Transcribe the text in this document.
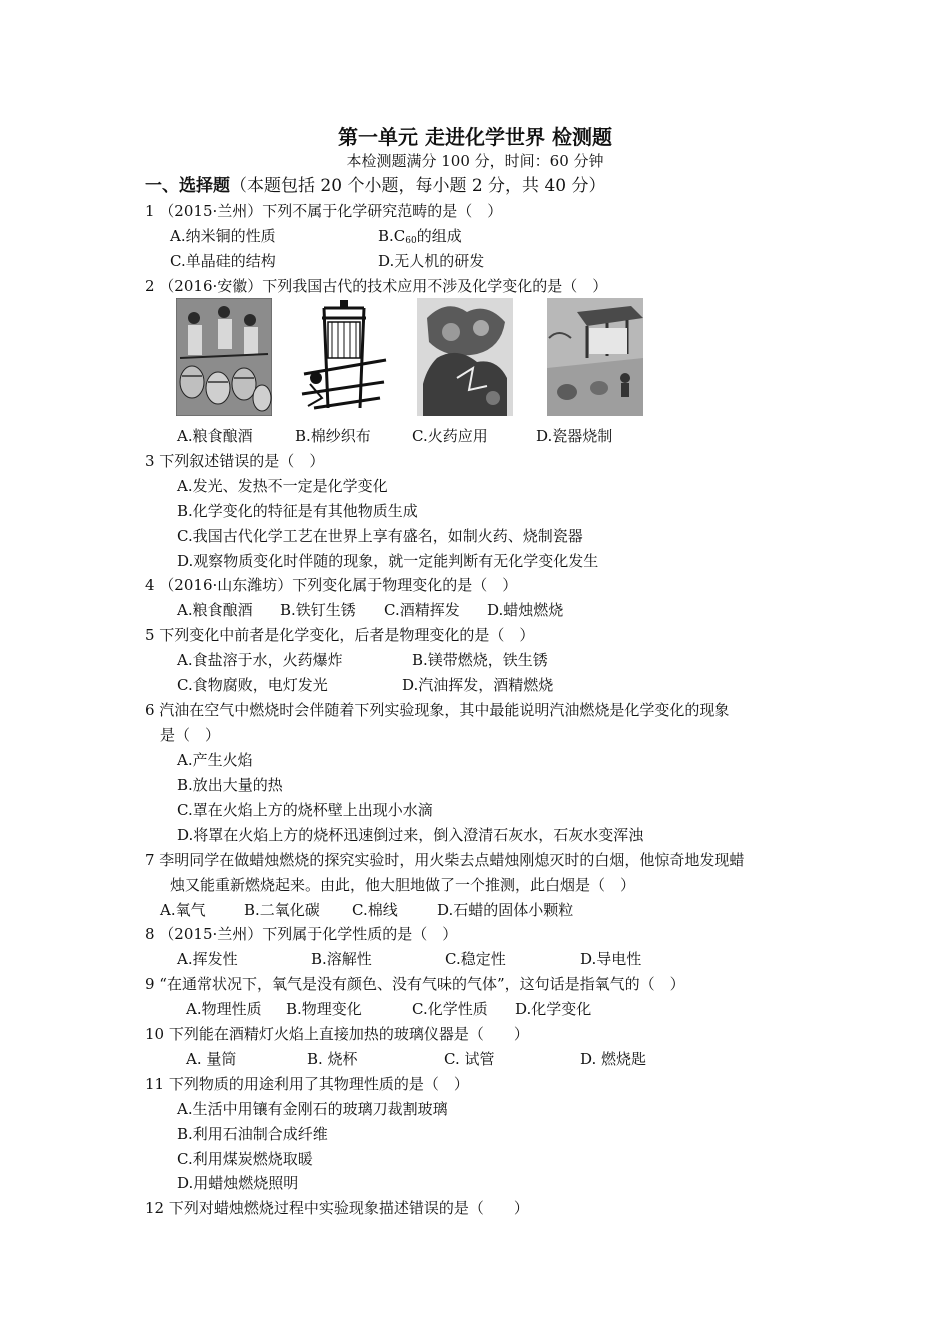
第一单元 走进化学世界 检测题
本检测题满分 100 分，时间：60 分钟
一、选择题（本题包括 20 个小题，每小题 2 分，共 40 分）
1 （2015·兰州）下列不属于化学研究范畴的是（　）
A.纳米铜的性质	$B.C_{60}$的组成
C.单晶硅的结构	D.无人机的研发
2 （2016·安徽）下列我国古代的技术应用不涉及化学变化的是（　）
A.粮食酿酒	B.棉纱织布	C.火药应用	D.瓷器烧制
3 下列叙述错误的是（　）
A.发光、发热不一定是化学变化
B.化学变化的特征是有其他物质生成
C.我国古代化学工艺在世界上享有盛名，如制火药、烧制瓷器
D.观察物质变化时伴随的现象，就一定能判断有无化学变化发生
4 （2016·山东潍坊）下列变化属于物理变化的是（　）
A.粮食酿酒 B.铁钉生锈 C.酒精挥发 D.蜡烛燃烧
5 下列变化中前者是化学变化，后者是物理变化的是（　）
A.食盐溶于水，火药爆炸	B.镁带燃烧，铁生锈
C.食物腐败，电灯发光	D.汽油挥发，酒精燃烧
6 汽油在空气中燃烧时会伴随着下列实验现象，其中最能说明汽油燃烧是化学变化的现象
是（　）
A.产生火焰
B.放出大量的热
C.罩在火焰上方的烧杯壁上出现小水滴
D.将罩在火焰上方的烧杯迅速倒过来，倒入澄清石灰水，石灰水变浑浊
7 李明同学在做蜡烛燃烧的探究实验时，用火柴去点蜡烛刚熄灭时的白烟，他惊奇地发现蜡
烛又能重新燃烧起来。由此，他大胆地做了一个推测，此白烟是（　）
A.氧气	B.二氧化碳 C.棉线	D.石蜡的固体小颗粒
8 （2015·兰州）下列属于化学性质的是（　）
A.挥发性	B.溶解性	C.稳定性	D.导电性
9 “在通常状况下，氧气是没有颜色、没有气味的气体”，这句话是指氧气的（　）
A.物理性质 B.物理变化	C.化学性质 D.化学变化
10 下列能在酒精灯火焰上直接加热的玻璃仪器是（　　）
A. 量筒	B. 烧杯	C. 试管	D. 燃烧匙
11 下列物质的用途利用了其物理性质的是（　）
A.生活中用镶有金刚石的玻璃刀裁割玻璃
B.利用石油制合成纤维
C.利用煤炭燃烧取暖
D.用蜡烛燃烧照明
12 下列对蜡烛燃烧过程中实验现象描述错误的是（　　）
